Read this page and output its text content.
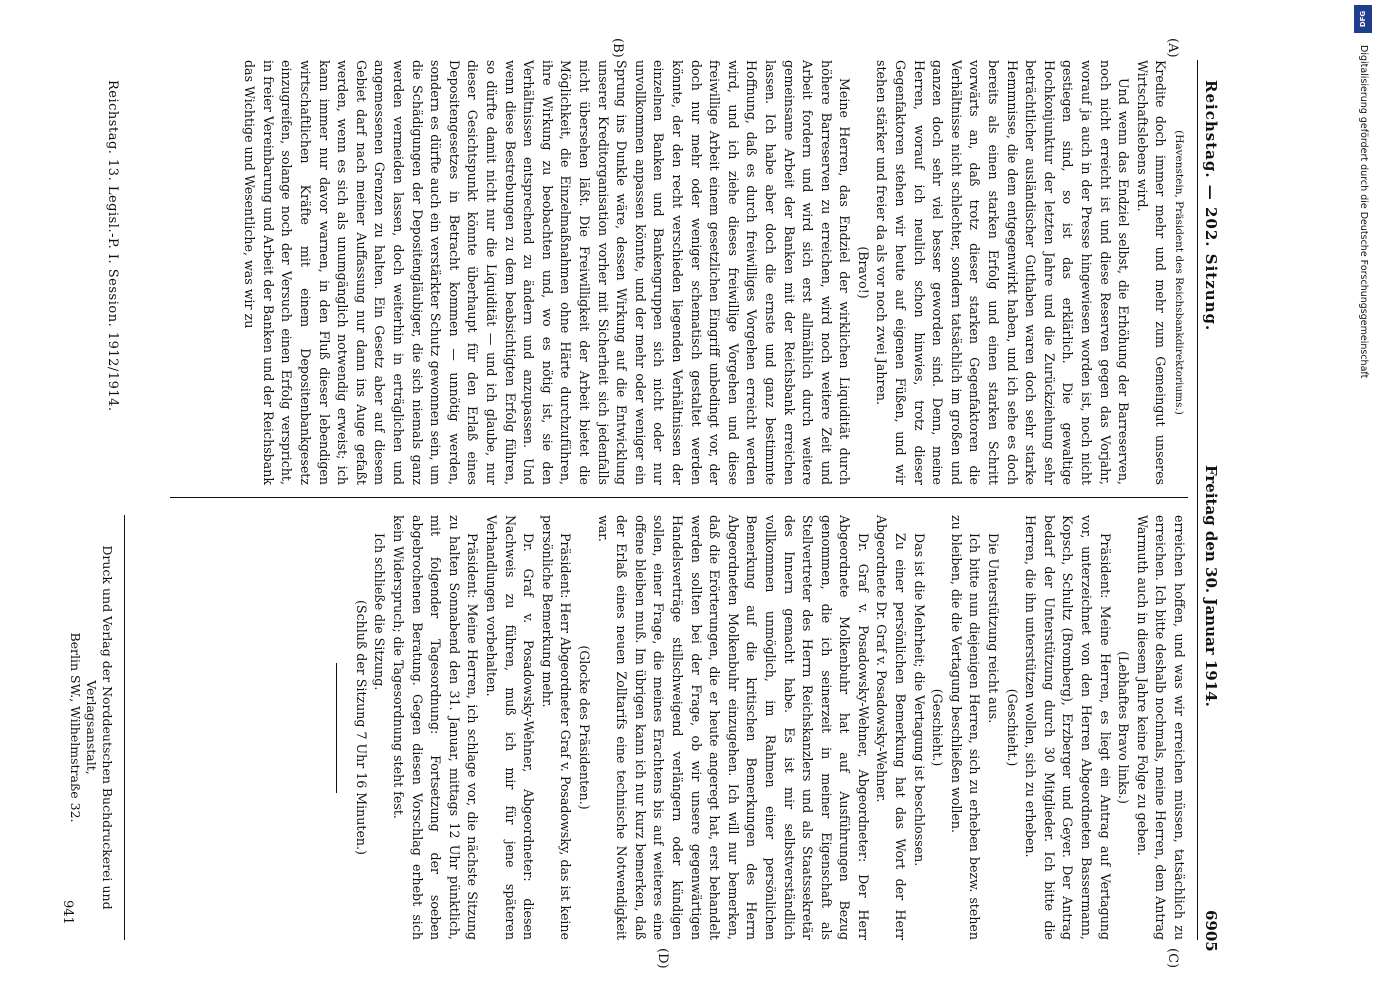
Reichstag. — 202. Sitzung.
Freitag den 30. Januar 1914.
6905
(A)
(B)
(C)
(D)

(Havenstein, Präsident des Reichsbankdirektoriums.)

Kredite doch immer mehr und mehr zum Gemeingut unseres Wirtschaftslebens wird.

Und wenn das Endziel selbst, die Erhöhung der Barreserven, noch nicht erreicht ist und diese Reserven gegen das Vorjahr, worauf ja auch in der Presse hingewiesen worden ist, noch nicht gestiegen sind, so ist das erklärlich. Die gewaltige Hochkonjunktur der letzten Jahre und die Zurückziehung sehr beträchtlicher ausländischer Guthaben waren doch sehr starke Hemmnisse, die dem entgegenwirkt haben, und ich sehe es doch bereits als einen starken Erfolg und einen starken Schritt vorwärts an, daß trotz dieser starken Gegenfaktoren die Verhältnisse nicht schlechter, sondern tatsächlich im großen und ganzen doch sehr viel besser geworden sind. Denn, meine Herren, worauf ich neulich schon hinwies, trotz dieser Gegenfaktoren stehen wir heute auf eigenen Füßen, und wir stehen stärker und freier da als vor noch zwei Jahren.

(Bravo!)

Meine Herren, das Endziel der wirklichen Liquidität durch höhere Barreserven zu erreichen, wird noch weitere Zeit und Arbeit fordern und wird sich erst allmählich durch weitere gemeinsame Arbeit der Banken mit der Reichsbank erreichen lassen. Ich habe aber doch die ernste und ganz bestimmte Hoffnung, daß es durch freiwilliges Vorgehen erreicht werden wird, und ich ziehe dieses freiwillige Vorgehen und diese freiwillige Arbeit einem gesetzlichen Eingriff unbedingt vor, der doch nur mehr oder weniger schematisch gestaltet werden könnte, der den recht verschieden liegenden Verhältnissen der einzelnen Banken und Bankengruppen sich nicht oder nur unvollkommen anpassen könnte, und der mehr oder weniger ein Sprung ins Dunkle wäre, dessen Wirkung auf die Entwicklung unserer Kreditorganisation vorher mit Sicherheit sich jedenfalls nicht übersehen läßt. Die Freiwilligkeit der Arbeit bietet die Möglichkeit, die Einzelmaßnahmen ohne Härte durchzuführen, ihre Wirkung zu beobachten und, wo es nötig ist, sie den Verhältnissen entsprechend zu ändern und anzupassen. Und wenn diese Bestrebungen zu dem beabsichtigten Erfolg führen, so dürfte damit nicht nur die Liquidität — und ich glaube, nur dieser Gesichtspunkt könnte überhaupt für den Erlaß eines Depositengesetzes in Betracht kommen — unnötig werden, sondern es dürfte auch ein verstärkter Schutz gewonnen sein, um die Schädigungen der Depositengläubiger, die sich niemals ganz werden vermeiden lassen, doch weiterhin in erträglichen und angemessenen Grenzen zu halten. Ein Gesetz aber auf diesem Gebiet darf nach meiner Auffassung nur dann ins Auge gefaßt werden, wenn es sich als unumgänglich notwendig erweist; ich kann immer nur davor warnen, in den Fluß dieser lebendigen wirtschaftlichen Kräfte mit einem Depositenbankgesetz einzugreifen, solange noch der Versuch einen Erfolg verspricht, in freier Vereinbarung und Arbeit der Banken und der Reichsbank das Wichtige und Wesentliche, was wir zu

erreichen hoffen, und was wir erreichen müssen, tatsächlich zu erreichen. Ich bitte deshalb nochmals, meine Herren, dem Antrag Warmuth auch in diesem Jahre keine Folge zu geben.

(Lebhaftes Bravo links.)

Präsident: Meine Herren, es liegt ein Antrag auf Vertagung vor, unterzeichnet von den Herren Abgeordneten Bassermann, Kopsch, Schultz (Bromberg), Erzberger und Geyer. Der Antrag bedarf der Unterstützung durch 30 Mitglieder. Ich bitte die Herren, die ihn unterstützen wollen, sich zu erheben.

(Geschieht.)

Die Unterstützung reicht aus.

Ich bitte nun diejenigen Herren, sich zu erheben bezw. stehen zu bleiben, die die Vertagung beschließen wollen.

(Geschieht.)

Das ist die Mehrheit; die Vertagung ist beschlossen.

Zu einer persönlichen Bemerkung hat das Wort der Herr Abgeordnete Dr. Graf v. Posadowsky-Wehner.

Dr. Graf v. Posadowsky-Wehner, Abgeordneter: Der Herr Abgeordnete Molkenbuhr hat auf Ausführungen Bezug genommen, die ich seinerzeit in meiner Eigenschaft als Stellvertreter des Herrn Reichskanzlers und als Staatssekretär des Innern gemacht habe. Es ist mir selbstverständlich vollkommen unmöglich, im Rahmen einer persönlichen Bemerkung auf die kritischen Bemerkungen des Herrn Abgeordneten Molkenbuhr einzugehen. Ich will nur bemerken, daß die Erörterungen, die er heute angeregt hat, erst behandelt werden sollten bei der Frage, ob wir unsere gegenwärtigen Handelsverträge stillschweigend verlängern oder kündigen sollen, einer Frage, die meines Erachtens bis auf weiteres eine offene bleiben muß. Im übrigen kann ich nur kurz bemerken, daß der Erlaß eines neuen Zolltarifs eine technische Notwendigkeit war.

(Glocke des Präsidenten.)

Präsident: Herr Abgeordneter Graf v. Posadowsky, das ist keine persönliche Bemerkung mehr.

Dr. Graf v. Posadowsky-Wehner, Abgeordneter: diesen Nachweis zu führen, muß ich mir für jene späteren Verhandlungen vorbehalten.

Präsident: Meine Herren, ich schlage vor, die nächste Sitzung zu halten Sonnabend den 31. Januar, mittags 12 Uhr pünktlich, mit folgender Tagesordnung: Fortsetzung der soeben abgebrochenen Beratung. Gegen diesen Vorschlag erhebt sich kein Widerspruch; die Tagesordnung steht fest.

Ich schließe die Sitzung.

(Schluß der Sitzung 7 Uhr 16 Minuten.)

Reichstag. 13. Legisl.-P. I. Session. 1912/1914.
Druck und Verlag der Norddeutschen Buchdruckerei und Verlagsanstalt,
Berlin SW., Wilhelmstraße 32.
941
DFG
Digitalisierung gefördert durch die Deutsche Forschungsgemeinschaft
